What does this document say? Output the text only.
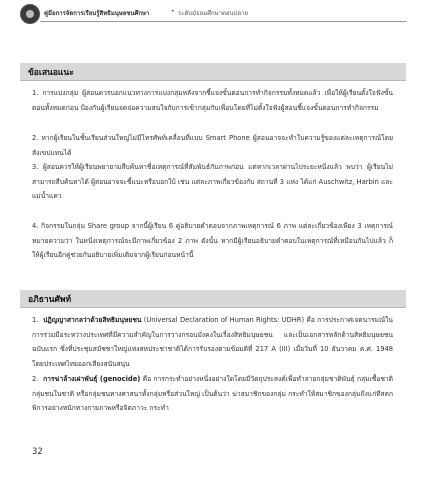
คู่มือการจัดการเรียนรู้สิทธิมนุษยชนศึกษา	• ระดับมัธยมศึกษาตอนปลาย
ข้อเสนอแนะ
1. การแบ่งกลุ่ม ผู้สอนควรบอกแนวทางการแบ่งกลุ่มหลังจากชี้แจงขั้นตอนการทำกิจกรรมทั้งหมดแล้ว เพื่อให้ผู้เรียนตั้งใจฟังขั้นตอนทั้งหมดก่อน ป้องกันผู้เรียนจดจ่อความสนใจกับการเข้ากลุ่มกับเพื่อนโดยที่ไม่ตั้งใจฟังผู้สอนชี้แจงขั้นตอนการทำกิจกรรม
2. หากผู้เรียนในชั้นเรียนส่วนใหญ่ไม่มีโทรศัพท์เคลื่อนที่แบบ Smart Phone ผู้สอนอาจจะทำใบความรู้ของแต่ละเหตุการณ์โดยสังเขปแทนได้
3. ผู้สอนควรให้ผู้เรียนพยายามสืบค้นหาชื่อเหตุการณ์ที่สัมพันธ์กับภาพก่อน แต่หากเวลาผ่านไประยะหนึ่งแล้ว พบว่า ผู้เรียนไม่สามารถสืบค้นหาได้ ผู้สอนอาจจะชี้แนะหรือบอกใบ้ เช่น แต่ละภาพเกี่ยวข้องกับ สถานที่ 3 แห่ง ได้แก่ Auschwitz, Harbin และแม่น้ำแคว
4. กิจกรรมในกลุ่ม Share group จากนี้ผู้เรียน 6 คู่อธิบายคำตอบจากภาพเหตุการณ์ 6 ภาพ แต่ละเกี่ยวข้องเพียง 3 เหตุการณ์ หมายความว่า ในหนึ่งเหตุการณ์จะมีภาพเกี่ยวข้อง 2 ภาพ ดังนั้น หากมีผู้เรียนอธิบายคำตอบในเหตุการณ์ที่เหมือนกันไปแล้ว ก็ให้ผู้เรียนอีกคู่ช่วยกันอธิบายเพิ่มเติมจากผู้เรียนก่อนหน้านี้
อภิธานศัพท์
1. ปฏิญญาสากลว่าด้วยสิทธิมนุษยชน (Universal Declaration of Human Rights: UDHR) คือ การประกาศเจตนารมณ์ในการร่วมมือระหว่างประเทศที่มีความสำคัญในการวางกรอบมั่งคงในเรื่องสิทธิมนุษยชน และเป็นเอกสารหลักด้านสิทธิมนุษยชนฉบับแรก ซึ่งที่ประชุมสมัชชาใหญ่แห่งสหประชาชาติได้การรับรองตามข้อมติที่ 217 A (III) เมื่อวันที่ 10 ธันวาคม ค.ศ. 1948 โดยประเทศไทยออกเสียงสนับสนุน
2. การฆ่าล้างเผ่าพันธุ์ (genocide) คือ การกระทำอย่างหนึ่งอย่างใดโดยมีวัตถุประสงค์เพื่อทำลายกลุ่มชาติพันธุ์ กลุ่มเชื้อชาติ กลุ่มชนในชาติ หรือกลุ่มชนทางศาสนาทั้งกลุ่มหรือส่วนใหญ่ เป็นต้นว่า ฆ่าสมาชิกของกลุ่ม กระทำให้สมาชิกของกลุ่มถึงแก่ทีสตกพิการอย่างหนักทางกายภาพหรือจิตภาวะ กระทำ
32
